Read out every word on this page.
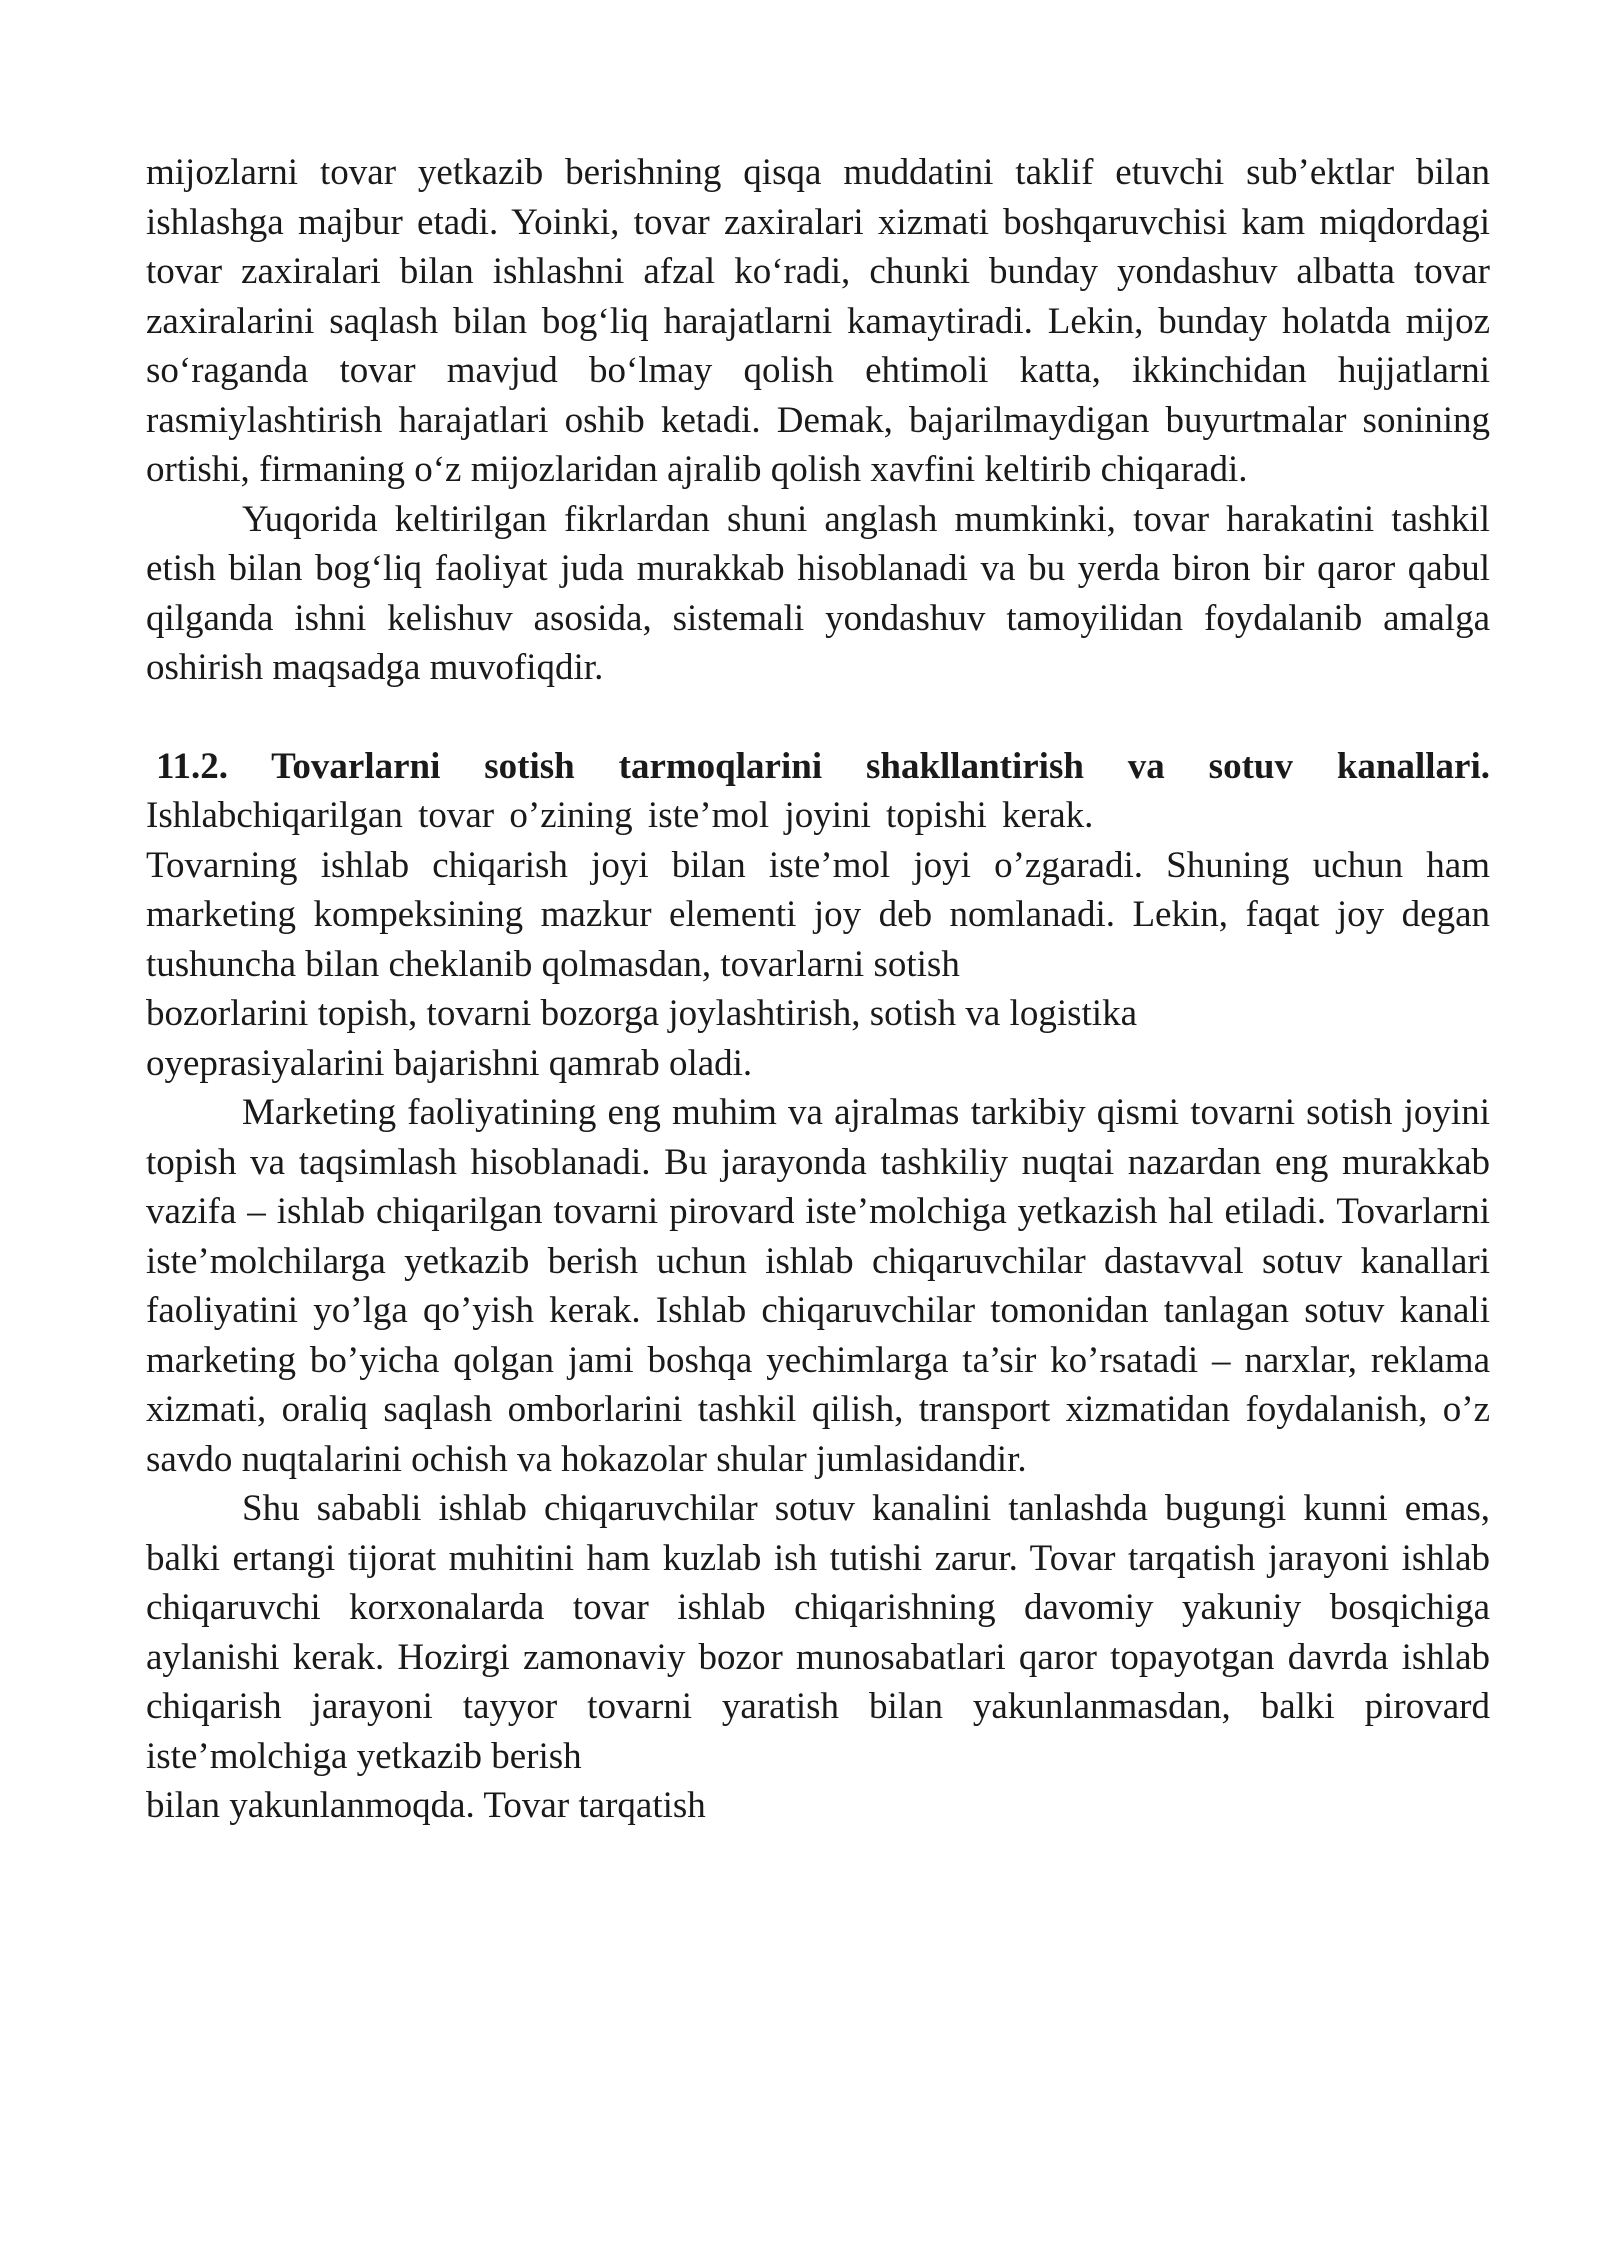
mijozlarni tovar yetkazib berishning qisqa muddatini taklif etuvchi sub’ektlar bilan ishlashga majbur etadi. Yoinki, tovar zaxiralari xizmati boshqaruvchisi kam miqdordagi tovar zaxiralari bilan ishlashni afzal ko‘radi, chunki bunday yondashuv albatta tovar zaxiralarini saqlash bilan bog‘liq harajatlarni kamaytiradi. Lekin, bunday holatda mijoz so‘raganda tovar mavjud bo‘lmay qolish ehtimoli katta, ikkinchidan hujjatlarni rasmiylashtirish harajatlari oshib ketadi. Demak, bajarilmaydigan buyurtmalar sonining ortishi, firmaning o‘z mijozlaridan ajralib qolish xavfini keltirib chiqaradi.

Yuqorida keltirilgan fikrlardan shuni anglash mumkinki, tovar harakatini tashkil etish bilan bog‘liq faoliyat juda murakkab hisoblanadi va bu yerda biron bir qaror qabul qilganda ishni kelishuv asosida, sistemali yondashuv tamoyilidan foydalanib amalga oshirish maqsadga muvofiqdir.

11.2. Tovarlarni sotish tarmoqlarini shakllantirish va sotuv kanallari.
Ishlabchiqarilgan tovar o’zining iste’mol joyini topishi kerak.

Tovarning ishlab chiqarish joyi bilan iste’mol joyi o’zgaradi. Shuning uchun ham marketing kompeksining mazkur elementi joy deb nomlanadi. Lekin, faqat joy degan tushuncha bilan cheklanib qolmasdan, tovarlarni sotish

bozorlarini topish, tovarni bozorga joylashtirish, sotish va logistika
oyeprasiyalarini bajarishni qamrab oladi.

Marketing faoliyatining eng muhim va ajralmas tarkibiy qismi tovarni sotish joyini topish va taqsimlash hisoblanadi. Bu jarayonda tashkiliy nuqtai nazardan eng murakkab vazifa – ishlab chiqarilgan tovarni pirovard iste’molchiga yetkazish hal etiladi. Tovarlarni iste’molchilarga yetkazib berish uchun ishlab chiqaruvchilar dastavval sotuv kanallari faoliyatini yo’lga qo’yish kerak. Ishlab chiqaruvchilar tomonidan tanlagan sotuv kanali marketing bo’yicha qolgan jami boshqa yechimlarga ta’sir ko’rsatadi – narxlar, reklama xizmati, oraliq saqlash omborlarini tashkil qilish, transport xizmatidan foydalanish, o’z savdo nuqtalarini ochish va hokazolar shular jumlasidandir.

Shu sababli ishlab chiqaruvchilar sotuv kanalini tanlashda bugungi kunni emas, balki ertangi tijorat muhitini ham kuzlab ish tutishi zarur. Tovar tarqatish jarayoni ishlab chiqaruvchi korxonalarda tovar ishlab chiqarishning davomiy yakuniy bosqichiga aylanishi kerak. Hozirgi zamonaviy bozor munosabatlari qaror topayotgan davrda ishlab chiqarish jarayoni tayyor tovarni yaratish bilan yakunlanmasdan, balki pirovard iste’molchiga yetkazib berish

bilan yakunlanmoqda. Tovar tarqatish
